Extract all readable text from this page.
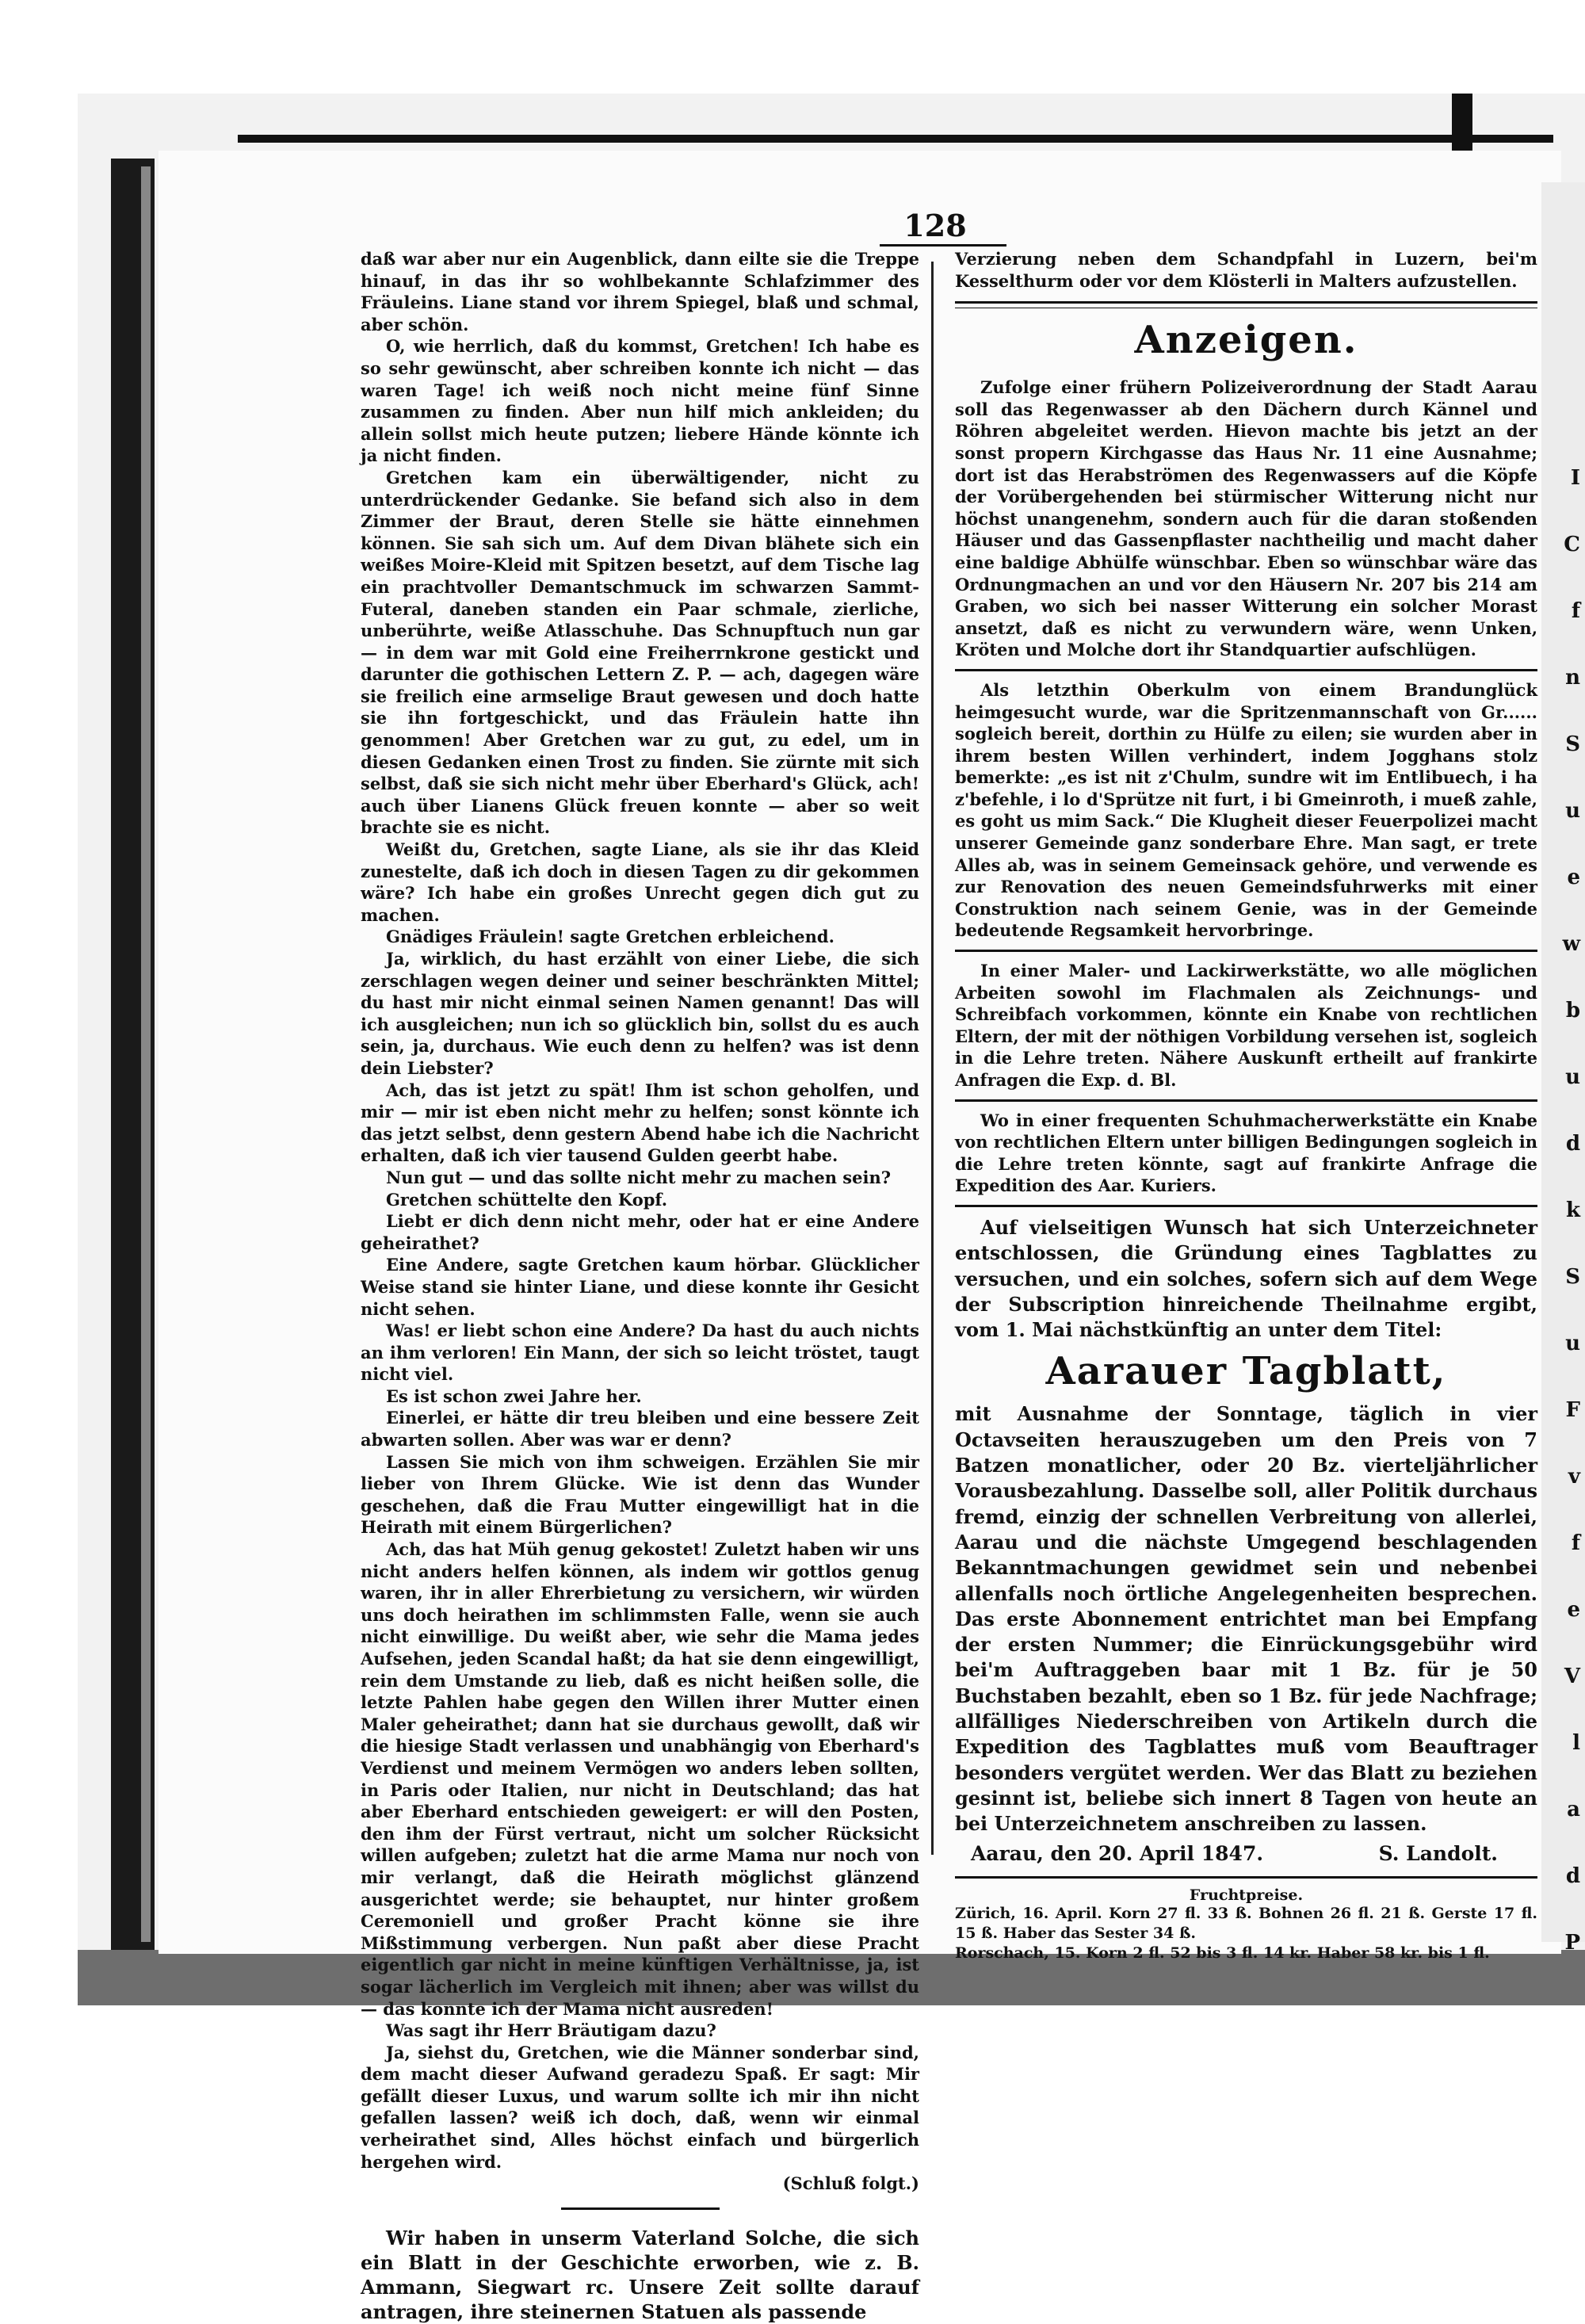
I
C
f
n
S
u
e
w
b
u
d
k
S
u
F
v
f
e
V
l
a
d
P
128

daß war aber nur ein Augenblick, dann eilte sie die Treppe hinauf, in das ihr so wohlbekannte Schlafzimmer des Fräuleins. Liane stand vor ihrem Spiegel, blaß und schmal, aber schön.

O, wie herrlich, daß du kommst, Gretchen! Ich habe es so sehr gewünscht, aber schreiben konnte ich nicht — das waren Tage! ich weiß noch nicht meine fünf Sinne zusammen zu finden. Aber nun hilf mich ankleiden; du allein sollst mich heute putzen; liebere Hände könnte ich ja nicht finden.

Gretchen kam ein überwältigender, nicht zu unterdrückender Gedanke. Sie befand sich also in dem Zimmer der Braut, deren Stelle sie hätte einnehmen können. Sie sah sich um. Auf dem Divan blähete sich ein weißes Moire-Kleid mit Spitzen besetzt, auf dem Tische lag ein prachtvoller Demantschmuck im schwarzen Sammt-Futeral, daneben standen ein Paar schmale, zierliche, unberührte, weiße Atlasschuhe. Das Schnupftuch nun gar — in dem war mit Gold eine Freiherrnkrone gestickt und darunter die gothischen Lettern Z. P. — ach, dagegen wäre sie freilich eine armselige Braut gewesen und doch hatte sie ihn fortgeschickt, und das Fräulein hatte ihn genommen! Aber Gretchen war zu gut, zu edel, um in diesen Gedanken einen Trost zu finden. Sie zürnte mit sich selbst, daß sie sich nicht mehr über Eberhard's Glück, ach! auch über Lianens Glück freuen konnte — aber so weit brachte sie es nicht.

Weißt du, Gretchen, sagte Liane, als sie ihr das Kleid zunestelte, daß ich doch in diesen Tagen zu dir gekommen wäre? Ich habe ein großes Unrecht gegen dich gut zu machen.

Gnädiges Fräulein! sagte Gretchen erbleichend.

Ja, wirklich, du hast erzählt von einer Liebe, die sich zerschlagen wegen deiner und seiner beschränkten Mittel; du hast mir nicht einmal seinen Namen genannt! Das will ich ausgleichen; nun ich so glücklich bin, sollst du es auch sein, ja, durchaus. Wie euch denn zu helfen? was ist denn dein Liebster?

Ach, das ist jetzt zu spät! Ihm ist schon geholfen, und mir — mir ist eben nicht mehr zu helfen; sonst könnte ich das jetzt selbst, denn gestern Abend habe ich die Nachricht erhalten, daß ich vier tausend Gulden geerbt habe.

Nun gut — und das sollte nicht mehr zu machen sein?

Gretchen schüttelte den Kopf.

Liebt er dich denn nicht mehr, oder hat er eine Andere geheirathet?

Eine Andere, sagte Gretchen kaum hörbar. Glücklicher Weise stand sie hinter Liane, und diese konnte ihr Gesicht nicht sehen.

Was! er liebt schon eine Andere? Da hast du auch nichts an ihm verloren! Ein Mann, der sich so leicht tröstet, taugt nicht viel.

Es ist schon zwei Jahre her.

Einerlei, er hätte dir treu bleiben und eine bessere Zeit abwarten sollen. Aber was war er denn?

Lassen Sie mich von ihm schweigen. Erzählen Sie mir lieber von Ihrem Glücke. Wie ist denn das Wunder geschehen, daß die Frau Mutter eingewilligt hat in die Heirath mit einem Bürgerlichen?

Ach, das hat Müh genug gekostet! Zuletzt haben wir uns nicht anders helfen können, als indem wir gottlos genug waren, ihr in aller Ehrerbietung zu versichern, wir würden uns doch heirathen im schlimmsten Falle, wenn sie auch nicht einwillige. Du weißt aber, wie sehr die Mama jedes Aufsehen, jeden Scandal haßt; da hat sie denn eingewilligt, rein dem Umstande zu lieb, daß es nicht heißen solle, die letzte Pahlen habe gegen den Willen ihrer Mutter einen Maler geheirathet; dann hat sie durchaus gewollt, daß wir die hiesige Stadt verlassen und unabhängig von Eberhard's Verdienst und meinem Vermögen wo anders leben sollten, in Paris oder Italien, nur nicht in Deutschland; das hat aber Eberhard entschieden geweigert: er will den Posten, den ihm der Fürst vertraut, nicht um solcher Rücksicht willen aufgeben; zuletzt hat die arme Mama nur noch von mir verlangt, daß die Heirath möglichst glänzend ausgerichtet werde; sie behauptet, nur hinter großem Ceremoniell und großer Pracht könne sie ihre Mißstimmung verbergen. Nun paßt aber diese Pracht eigentlich gar nicht in meine künftigen Verhältnisse, ja, ist sogar lächerlich im Vergleich mit ihnen; aber was willst du — das konnte ich der Mama nicht ausreden!

Was sagt ihr Herr Bräutigam dazu?

Ja, siehst du, Gretchen, wie die Männer sonderbar sind, dem macht dieser Aufwand geradezu Spaß. Er sagt: Mir gefällt dieser Luxus, und warum sollte ich mir ihn nicht gefallen lassen? weiß ich doch, daß, wenn wir einmal verheirathet sind, Alles höchst einfach und bürgerlich hergehen wird.

(Schluß folgt.)

Wir haben in unserm Vaterland Solche, die sich ein Blatt in der Geschichte erworben, wie z. B. Ammann, Siegwart rc. Unsere Zeit sollte darauf antragen, ihre steinernen Statuen als passende

Verzierung neben dem Schandpfahl in Luzern, bei'm Kesselthurm oder vor dem Klösterli in Malters aufzustellen.

Anzeigen.

Zufolge einer frühern Polizeiverordnung der Stadt Aarau soll das Regenwasser ab den Dächern durch Kännel und Röhren abgeleitet werden. Hievon machte bis jetzt an der sonst propern Kirchgasse das Haus Nr. 11 eine Ausnahme; dort ist das Herabströmen des Regenwassers auf die Köpfe der Vorübergehenden bei stürmischer Witterung nicht nur höchst unangenehm, sondern auch für die daran stoßenden Häuser und das Gassenpflaster nachtheilig und macht daher eine baldige Abhülfe wünschbar. Eben so wünschbar wäre das Ordnungmachen an und vor den Häusern Nr. 207 bis 214 am Graben, wo sich bei nasser Witterung ein solcher Morast ansetzt, daß es nicht zu verwundern wäre, wenn Unken, Kröten und Molche dort ihr Standquartier aufschlügen.

Als letzthin Oberkulm von einem Brandunglück heimgesucht wurde, war die Spritzenmannschaft von Gr...... sogleich bereit, dorthin zu Hülfe zu eilen; sie wurden aber in ihrem besten Willen verhindert, indem Jogghans stolz bemerkte: „es ist nit z'Chulm, sundre wit im Entlibuech, i ha z'befehle, i lo d'Sprütze nit furt, i bi Gmeinroth, i mueß zahle, es goht us mim Sack.“ Die Klugheit dieser Feuerpolizei macht unserer Gemeinde ganz sonderbare Ehre. Man sagt, er trete Alles ab, was in seinem Gemeinsack gehöre, und verwende es zur Renovation des neuen Gemeindsfuhrwerks mit einer Construktion nach seinem Genie, was in der Gemeinde bedeutende Regsamkeit hervorbringe.

In einer Maler- und Lackirwerkstätte, wo alle möglichen Arbeiten sowohl im Flachmalen als Zeichnungs- und Schreibfach vorkommen, könnte ein Knabe von rechtlichen Eltern, der mit der nöthigen Vorbildung versehen ist, sogleich in die Lehre treten. Nähere Auskunft ertheilt auf frankirte Anfragen die Exp. d. Bl.

Wo in einer frequenten Schuhmacherwerkstätte ein Knabe von rechtlichen Eltern unter billigen Bedingungen sogleich in die Lehre treten könnte, sagt auf frankirte Anfrage die Expedition des Aar. Kuriers.

Auf vielseitigen Wunsch hat sich Unterzeichneter entschlossen, die Gründung eines Tagblattes zu versuchen, und ein solches, sofern sich auf dem Wege der Subscription hinreichende Theilnahme ergibt, vom 1. Mai nächstkünftig an unter dem Titel:

Aarauer Tagblatt,

mit Ausnahme der Sonntage, täglich in vier Octavseiten herauszugeben um den Preis von 7 Batzen monatlicher, oder 20 Bz. vierteljährlicher Vorausbezahlung. Dasselbe soll, aller Politik durchaus fremd, einzig der schnellen Verbreitung von allerlei, Aarau und die nächste Umgegend beschlagenden Bekanntmachungen gewidmet sein und nebenbei allenfalls noch örtliche Angelegenheiten besprechen. Das erste Abonnement entrichtet man bei Empfang der ersten Nummer; die Einrückungsgebühr wird bei'm Auftraggeben baar mit 1 Bz. für je 50 Buchstaben bezahlt, eben so 1 Bz. für jede Nachfrage; allfälliges Niederschreiben von Artikeln durch die Expedition des Tagblattes muß vom Beauftrager besonders vergütet werden. Wer das Blatt zu beziehen gesinnt ist, beliebe sich innert 8 Tagen von heute an bei Unterzeichnetem anschreiben zu lassen.

Aarau, den 20. April 1847.	S. Landolt.
Fruchtpreise.

Zürich, 16. April. Korn 27 fl. 33 ß. Bohnen 26 fl. 21 ß. Gerste 17 fl. 15 ß. Haber das Sester 34 ß.

Rorschach, 15. Korn 2 fl. 52 bis 3 fl. 14 kr. Haber 58 kr. bis 1 fl.
